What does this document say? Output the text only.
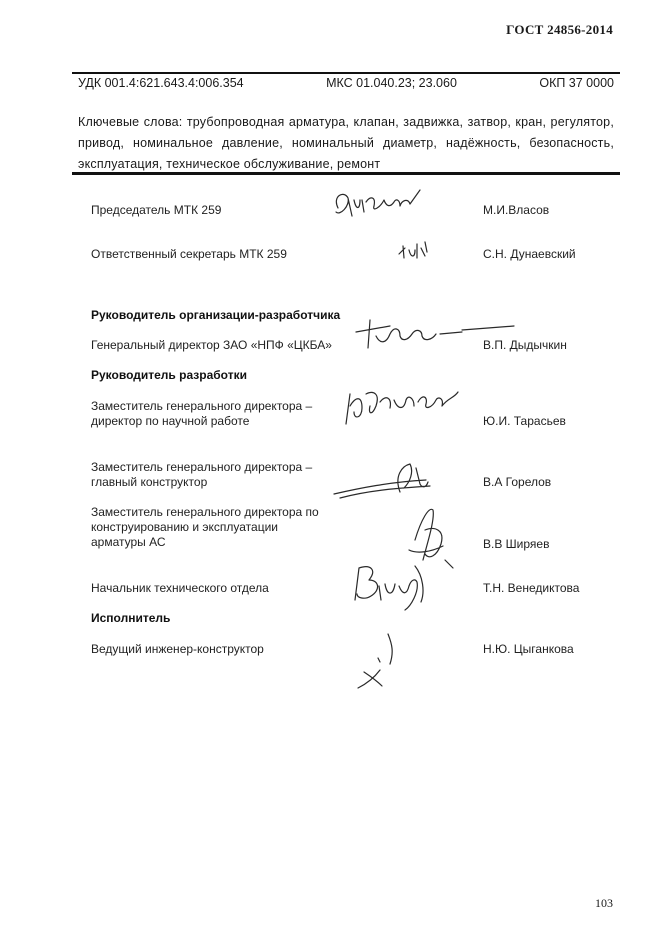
ГОСТ 24856-2014
УДК 001.4:621.643.4:006.354	МКС 01.040.23; 23.060	ОКП 37 0000
Ключевые слова: трубопроводная арматура, клапан, задвижка, затвор, кран, регулятор, привод, номинальное давление, номинальный диаметр, надёжность, безопасность, эксплуатация, техническое обслуживание, ремонт
Председатель МТК 259	М.И.Власов
Ответственный секретарь МТК 259	С.Н. Дунаевский
Руководитель организации-разработчика
Генеральный директор ЗАО «НПФ «ЦКБА»	В.П. Дыдычкин
Руководитель разработки
Заместитель генерального директора – директор по научной работе	Ю.И. Тарасьев
Заместитель генерального директора – главный конструктор	В.А Горелов
Заместитель генерального директора по конструированию и эксплуатации арматуры АС	В.В Ширяев
Начальник технического отдела	Т.Н. Венедиктова
Исполнитель
Ведущий инженер-конструктор	Н.Ю. Цыганкова
103
